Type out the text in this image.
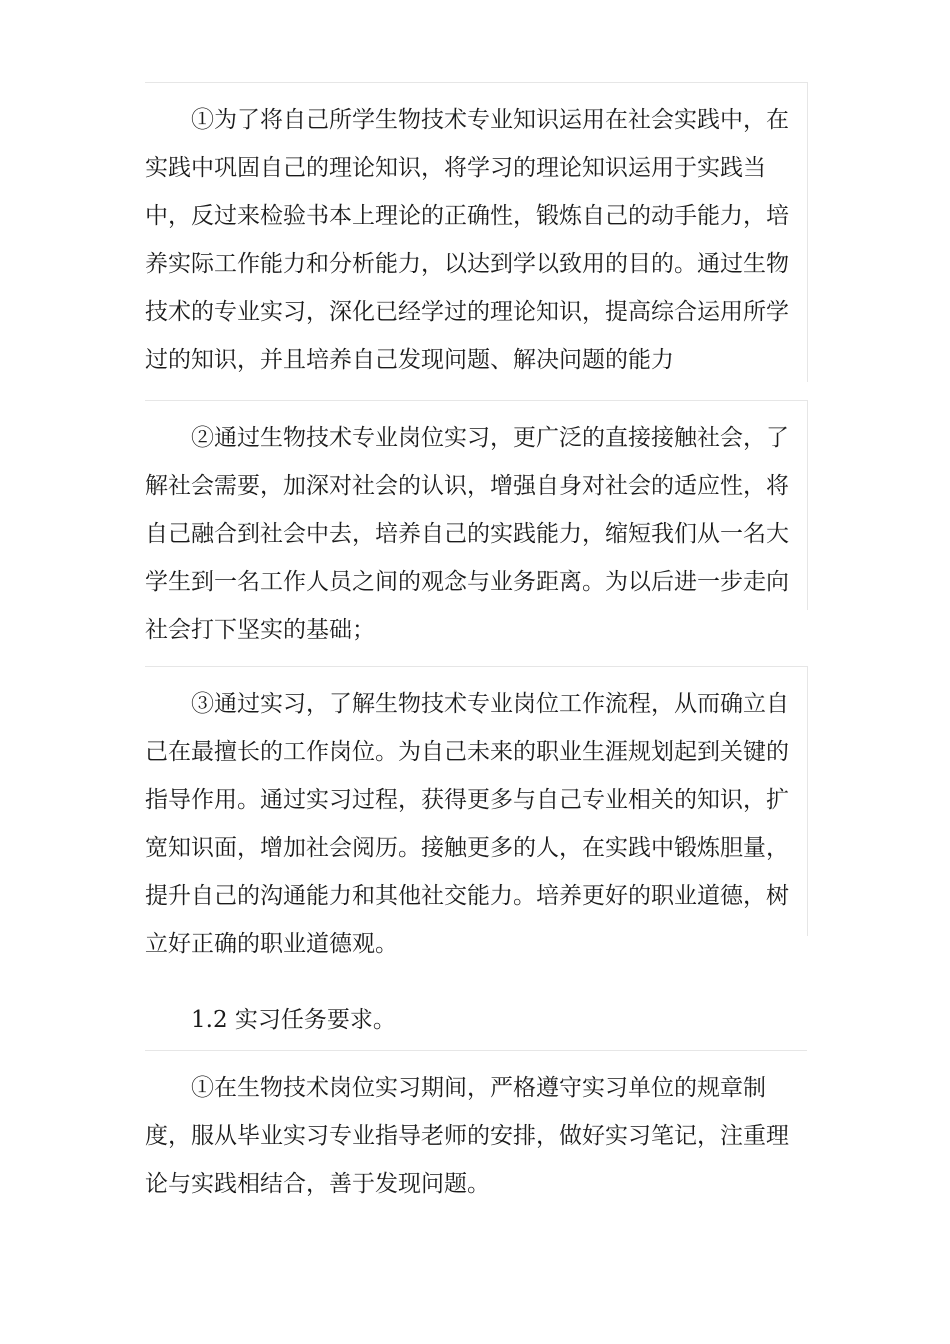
①为了将自己所学生物技术专业知识运用在社会实践中，在
实践中巩固自己的理论知识，将学习的理论知识运用于实践当
中，反过来检验书本上理论的正确性，锻炼自己的动手能力，培
养实际工作能力和分析能力，以达到学以致用的目的。通过生物
技术的专业实习，深化已经学过的理论知识，提高综合运用所学
过的知识，并且培养自己发现问题、解决问题的能力
②通过生物技术专业岗位实习，更广泛的直接接触社会，了
解社会需要，加深对社会的认识，增强自身对社会的适应性，将
自己融合到社会中去，培养自己的实践能力，缩短我们从一名大
学生到一名工作人员之间的观念与业务距离。为以后进一步走向
社会打下坚实的基础；
③通过实习，了解生物技术专业岗位工作流程，从而确立自
己在最擅长的工作岗位。为自己未来的职业生涯规划起到关键的
指导作用。通过实习过程，获得更多与自己专业相关的知识，扩
宽知识面，增加社会阅历。接触更多的人，在实践中锻炼胆量，
提升自己的沟通能力和其他社交能力。培养更好的职业道德，树
立好正确的职业道德观。
1.2 实习任务要求。
①在生物技术岗位实习期间，严格遵守实习单位的规章制
度，服从毕业实习专业指导老师的安排，做好实习笔记，注重理
论与实践相结合，善于发现问题。
